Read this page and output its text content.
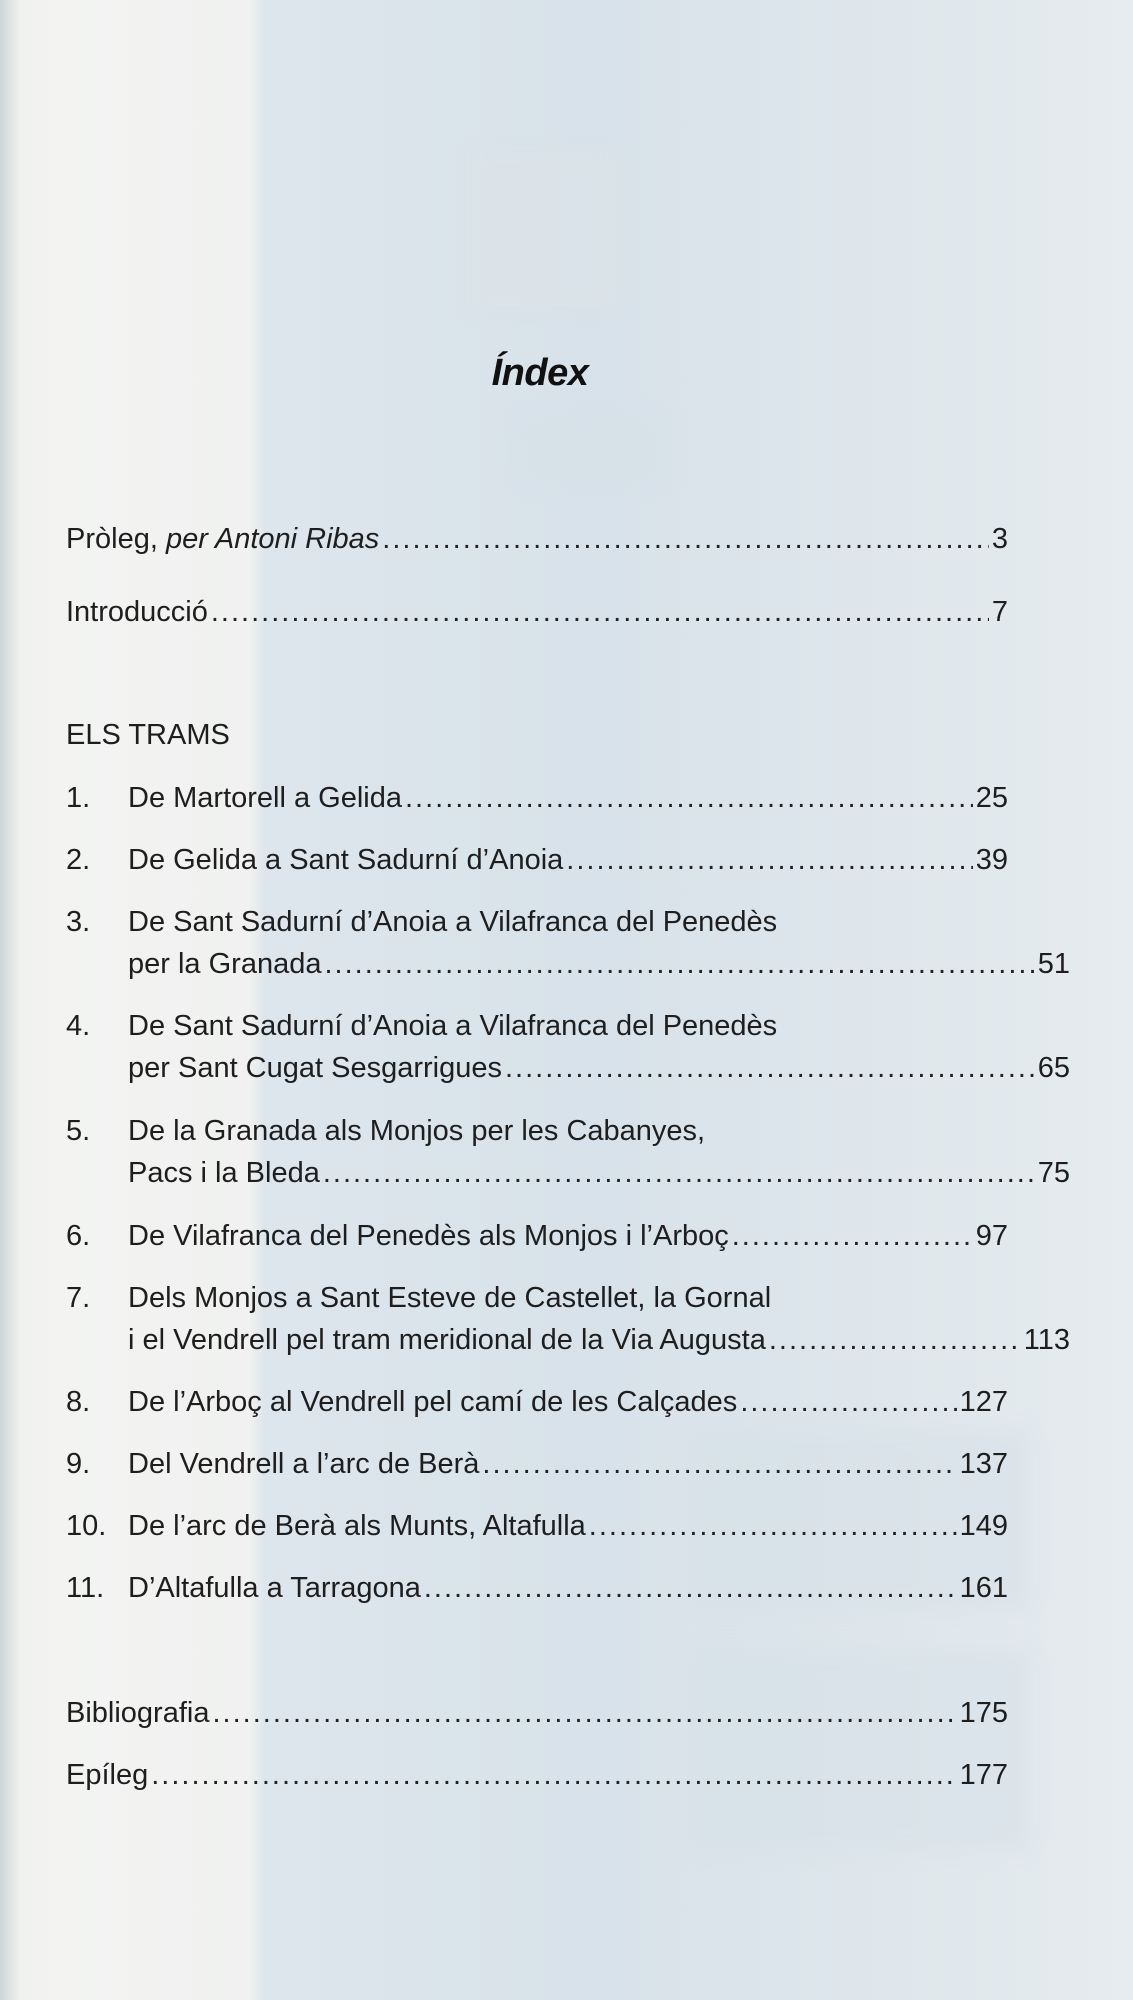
Índex
Pròleg, per Antoni Ribas .....	3
Introducció .....	7
ELS TRAMS
1.	De Martorell a Gelida .....	25
2.	De Gelida a Sant Sadurní d’Anoia .....	39
3.	De Sant Sadurní d’Anoia a Vilafranca del Penedès
per la Granada .....	51
4.	De Sant Sadurní d’Anoia a Vilafranca del Penedès
per Sant Cugat Sesgarrigues .....	65
5.	De la Granada als Monjos per les Cabanyes,
Pacs i la Bleda .....	75
6.	De Vilafranca del Penedès als Monjos i l’Arboç .....	97
7.	Dels Monjos a Sant Esteve de Castellet, la Gornal
i el Vendrell pel tram meridional de la Via Augusta .....	113
8.	De l’Arboç al Vendrell pel camí de les Calçades .....	127
9.	Del Vendrell a l’arc de Berà .....	137
10. De l’arc de Berà als Munts, Altafulla .....	149
11. D’Altafulla a Tarragona .....	161
Bibliografia .....	175
Epíleg .....	177
